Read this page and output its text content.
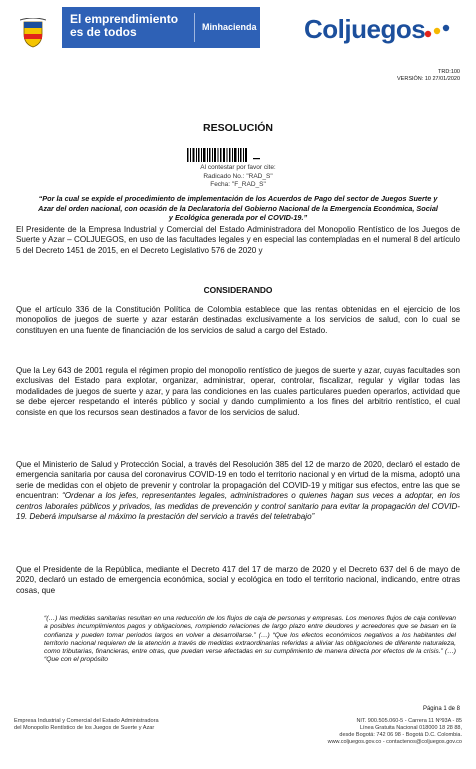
El emprendimiento es de todos	Minhacienda Coljuegos
TRD:100
VERSIÓN: 10 27/01/2020
RESOLUCIÓN
Al contestar por favor cite:
Radicado No.: "RAD_S"
Fecha: "F_RAD_S"
“Por la cual se expide el procedimiento de implementación de los Acuerdos de Pago del sector de Juegos Suerte y Azar del orden nacional, con ocasión de la Declaratoria del Gobierno Nacional de la Emergencia Económica, Social y Ecológica generada por el COVID-19.”

El Presidente de la Empresa Industrial y Comercial del Estado Administradora del Monopolio Rentístico de los Juegos de Suerte y Azar – COLJUEGOS, en uso de las facultades legales y en especial las contempladas en el numeral 8 del artículo 5 del Decreto 1451 de 2015, en el Decreto Legislativo 576 de 2020 y

CONSIDERANDO

Que el artículo 336 de la Constitución Política de Colombia establece que las rentas obtenidas en el ejercicio de los monopolios de juegos de suerte y azar estarán destinadas exclusivamente a los servicios de salud, con lo cual se constituyen en una fuente de financiación de los servicios de salud a cargo del Estado.

Que la Ley 643 de 2001 regula el régimen propio del monopolio rentístico de juegos de suerte y azar, cuyas facultades son exclusivas del Estado para explotar, organizar, administrar, operar, controlar, fiscalizar, regular y vigilar todas las modalidades de juegos de suerte y azar, y para las condiciones en las cuales particulares pueden operarlos, actividad que se debe ejercer respetando el interés público y social y dando cumplimiento a los fines del arbitrio rentístico, el cual consiste en que los recursos sean destinados a favor de los servicios de salud.

Que el Ministerio de Salud y Protección Social, a través del Resolución 385 del 12 de marzo de 2020, declaró el estado de emergencia sanitaria por causa del coronavirus COVID-19 en todo el territorio nacional y en virtud de la misma, adoptó una serie de medidas con el objeto de prevenir y controlar la propagación del COVID-19 y mitigar sus efectos, entre las que se encuentran: “Ordenar a los jefes, representantes legales, administradores o quienes hagan sus veces a adoptar, en los centros laborales públicos y privados, las medidas de prevención y control sanitario para evitar la propagación del COVID-19. Deberá impulsarse al máximo la prestación del servicio a través del teletrabajo”

Que el Presidente de la República, mediante el Decreto 417 del 17 de marzo de 2020 y el Decreto 637 del 6 de mayo de 2020, declaró un estado de emergencia económica, social y ecológica en todo el territorio nacional, indicando, entre otras cosas, que

“(…) las medidas sanitarias resultan en una reducción de los flujos de caja de personas y empresas. Los menores flujos de caja conllevan a posibles incumplimientos pagos y obligaciones, rompiendo relaciones de largo plazo entre deudores y acreedores que se basan en la confianza y pueden tomar periodos largos en volver a desarrollarse.” (…) “Que los efectos económicos negativos a los habitantes del territorio nacional requieren de la atención a través de medidas extraordinarias referidas a aliviar las obligaciones de diferente naturaleza, como tributarias, financieras, entre otras, que puedan verse afectadas en su cumplimiento de manera directa por efectos de la crisis.” (…) “Que con el propósito

Página 1 de 8
Empresa Industrial y Comercial del Estado Administradora
del Monopolio Rentístico de los Juegos de Suerte y Azar
NIT. 900.505.060-5 - Carrera 11 Nº93A - 85
Línea Gratuita Nacional 018000 18 28 88,
desde Bogotá: 742 06 98 - Bogotá D.C. Colombia.
www.coljuegos.gov.co - contactenos@coljuegos.gov.co
